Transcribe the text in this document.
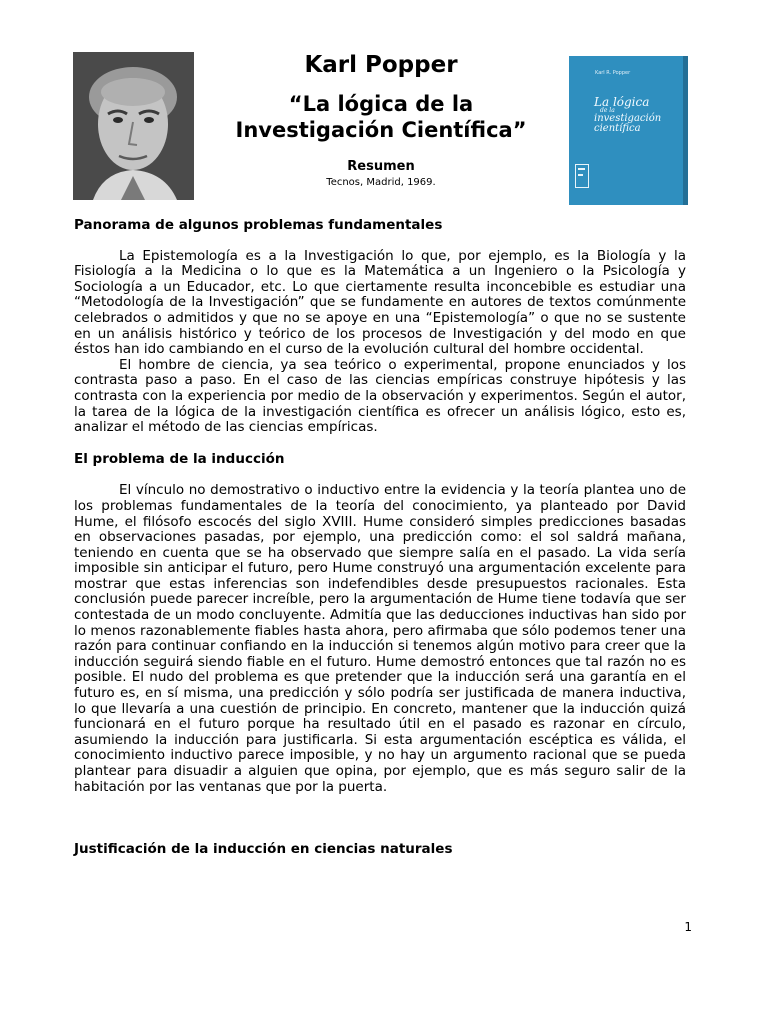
Karl Popper
“La lógica de la
Investigación Científica”
Resumen
Tecnos, Madrid, 1969.
Karl R. Popper
La lógica
de la
investigación
científica
Panorama de algunos problemas fundamentales

La Epistemología es a la Investigación lo que, por ejemplo, es la Biología y la Fisiología a la Medicina o lo que es la Matemática a un Ingeniero o la Psicología y Sociología a un Educador, etc. Lo que ciertamente resulta inconcebible es estudiar una “Metodología de la Investigación” que se fundamente en autores de textos comúnmente celebrados o admitidos y que no se apoye en una “Epistemología” o que no se sustente en un análisis histórico y teórico de los procesos de Investigación y del modo en que éstos han ido cambiando en el curso de la evolución cultural del hombre occidental.

El hombre de ciencia, ya sea teórico o experimental, propone enunciados y los contrasta paso a paso. En el caso de las ciencias empíricas construye hipótesis y las contrasta con la experiencia por medio de la observación y experimentos. Según el autor, la tarea de la lógica de la investigación científica es ofrecer un análisis lógico, esto es, analizar el método de las ciencias empíricas.

El problema de la inducción

El vínculo no demostrativo o inductivo entre la evidencia y la teoría plantea uno de los problemas fundamentales de la teoría del conocimiento, ya planteado por David Hume, el filósofo escocés del siglo XVIII. Hume consideró simples predicciones basadas en observaciones pasadas, por ejemplo, una predicción como: el sol saldrá mañana, teniendo en cuenta que se ha observado que siempre salía en el pasado. La vida sería imposible sin anticipar el futuro, pero Hume construyó una argumentación excelente para mostrar que estas inferencias son indefendibles desde presupuestos racionales. Esta conclusión puede parecer increíble, pero la argumentación de Hume tiene todavía que ser contestada de un modo concluyente. Admitía que las deducciones inductivas han sido por lo menos razonablemente fiables hasta ahora, pero afirmaba que sólo podemos tener una razón para continuar confiando en la inducción si tenemos algún motivo para creer que la inducción seguirá siendo fiable en el futuro. Hume demostró entonces que tal razón no es posible. El nudo del problema es que pretender que la inducción será una garantía en el futuro es, en sí misma, una predicción y sólo podría ser justificada de manera inductiva, lo que llevaría a una cuestión de principio. En concreto, mantener que la inducción quizá funcionará en el futuro porque ha resultado útil en el pasado es razonar en círculo, asumiendo la inducción para justificarla. Si esta argumentación escéptica es válida, el conocimiento inductivo parece imposible, y no hay un argumento racional que se pueda plantear para disuadir a alguien que opina, por ejemplo, que es más seguro salir de la habitación por las ventanas que por la puerta.

Justificación de la inducción en ciencias naturales
1
